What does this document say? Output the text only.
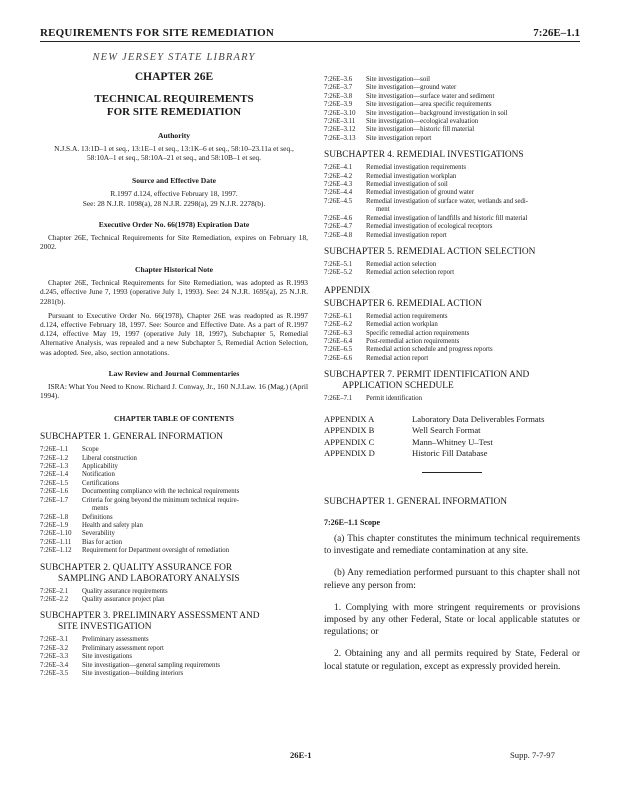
REQUIREMENTS FOR SITE REMEDIATION	7:26E–1.1
NEW JERSEY STATE LIBRARY
CHAPTER 26E
TECHNICAL REQUIREMENTS
FOR SITE REMEDIATION
Authority
N.J.S.A. 13:1D–1 et seq., 13:1E–1 et seq., 13:1K–6 et seq., 58:10–23.11a et seq., 58:10A–1 et seq., 58:10A–21 et seq., and 58:10B–1 et seq.
Source and Effective Date
R.1997 d.124, effective February 18, 1997.
See: 28 N.J.R. 1098(a), 28 N.J.R. 2298(a), 29 N.J.R. 2278(b).
Executive Order No. 66(1978) Expiration Date
Chapter 26E, Technical Requirements for Site Remediation, expires on February 18, 2002.
Chapter Historical Note
Chapter 26E, Technical Requirements for Site Remediation, was adopted as R.1993 d.245, effective June 7, 1993 (operative July 1, 1993). See: 24 N.J.R. 1695(a), 25 N.J.R. 2281(b).
Pursuant to Executive Order No. 66(1978), Chapter 26E was readopted as R.1997 d.124, effective February 18, 1997. See: Source and Effective Date. As a part of R.1997 d.124, effective May 19, 1997 (operative July 18, 1997), Subchapter 5, Remedial Alternative Analysis, was repealed and a new Subchapter 5, Remedial Action Selection, was adopted. See, also, section annotations.
Law Review and Journal Commentaries
ISRA: What You Need to Know. Richard J. Conway, Jr., 160 N.J.Law. 16 (Mag.) (April 1994).
CHAPTER TABLE OF CONTENTS
SUBCHAPTER 1. GENERAL INFORMATION
7:26E–1.1	Scope
7:26E–1.2	Liberal construction
7:26E–1.3	Applicability
7:26E–1.4	Notification
7:26E–1.5	Certifications
7:26E–1.6	Documenting compliance with the technical requirements
7:26E–1.7	Criteria for going beyond the minimum technical require-
ments
7:26E–1.8	Definitions
7:26E–1.9	Health and safety plan
7:26E–1.10	Severability
7:26E–1.11	Bias for action
7:26E–1.12	Requirement for Department oversight of remediation
SUBCHAPTER 2. QUALITY ASSURANCE FOR
SAMPLING AND LABORATORY ANALYSIS
7:26E–2.1	Quality assurance requirements
7:26E–2.2	Quality assurance project plan
SUBCHAPTER 3. PRELIMINARY ASSESSMENT AND
SITE INVESTIGATION
7:26E–3.1	Preliminary assessments
7:26E–3.2	Preliminary assessment report
7:26E–3.3	Site investigations
7:26E–3.4	Site investigation—general sampling requirements
7:26E–3.5	Site investigation—building interiors
7:26E–3.6	Site investigation—soil
7:26E–3.7	Site investigation—ground water
7:26E–3.8	Site investigation—surface water and sediment
7:26E–3.9	Site investigation—area specific requirements
7:26E–3.10	Site investigation—background investigation in soil
7:26E–3.11	Site investigation—ecological evaluation
7:26E–3.12	Site investigation—historic fill material
7:26E–3.13	Site investigation report
SUBCHAPTER 4. REMEDIAL INVESTIGATIONS
7:26E–4.1	Remedial investigation requirements
7:26E–4.2	Remedial investigation workplan
7:26E–4.3	Remedial investigation of soil
7:26E–4.4	Remedial investigation of ground water
7:26E–4.5	Remedial investigation of surface water, wetlands and sedi-
ment
7:26E–4.6	Remedial investigation of landfills and historic fill material
7:26E–4.7	Remedial investigation of ecological receptors
7:26E–4.8	Remedial investigation report
SUBCHAPTER 5. REMEDIAL ACTION SELECTION
7:26E–5.1	Remedial action selection
7:26E–5.2	Remedial action selection report
APPENDIX
SUBCHAPTER 6. REMEDIAL ACTION
7:26E–6.1	Remedial action requirements
7:26E–6.2	Remedial action workplan
7:26E–6.3	Specific remedial action requirements
7:26E–6.4	Post-remedial action requirements
7:26E–6.5	Remedial action schedule and progress reports
7:26E–6.6	Remedial action report
SUBCHAPTER 7. PERMIT IDENTIFICATION AND
APPLICATION SCHEDULE
7:26E–7.1	Permit identification
APPENDIX A	Laboratory Data Deliverables Formats
APPENDIX B	Well Search Format
APPENDIX C	Mann–Whitney U–Test
APPENDIX D	Historic Fill Database
SUBCHAPTER 1. GENERAL INFORMATION
7:26E–1.1 Scope
(a) This chapter constitutes the minimum technical requirements to investigate and remediate contamination at any site.
(b) Any remediation performed pursuant to this chapter shall not relieve any person from:
1. Complying with more stringent requirements or provisions imposed by any other Federal, State or local applicable statutes or regulations; or
2. Obtaining any and all permits required by State, Federal or local statute or regulation, except as expressly provided herein.
26E-1	Supp. 7-7-97
